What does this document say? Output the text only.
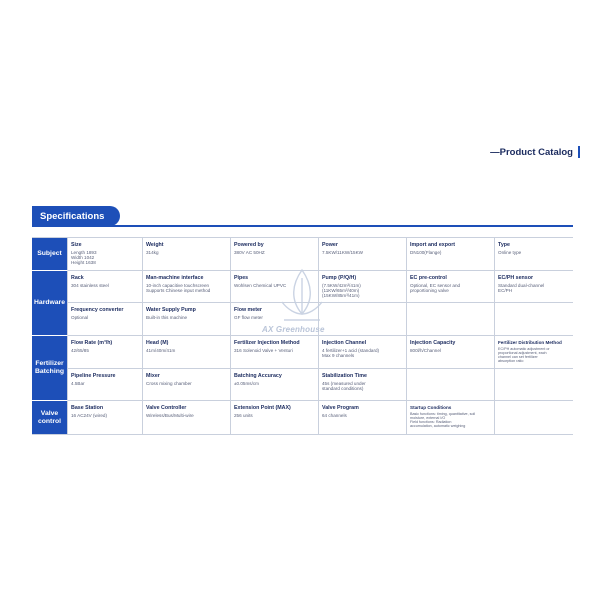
—Product Catalog
Specifications
Subject
Size
Length 1893
Width 1042
Height 1638
Weight
314kg
Powered by
380V AC 50HZ
Power
7.5KW/11KW/15KW
Import and export
DN100(Flange)
Type
Online type
Hardware
Rack
304 stainless steel
Man-machine interface
10-inch capacitive touchscreen
Supports Chinese input method
Pipes
Wohlsen Chemical UPVC
Pump (P/Q/H)
(7.5KW/42m³/41m)
(11KW/65m³/40m)
(15KW/85m³/41m)
EC pre-control
Optional, EC sensor and
proportioning valve
EC/PH sensor
Standard dual-channel
EC/PH
Frequency converter
Optional
Water Supply Pump
Built-in this machine
Flow meter
GF flow meter
Fertilizer Batching
Flow Rate (m³/h)
42/65/85
Head (M)
41m/40m/41m
Fertilizer Injection Method
316 Solenoid Valve + Venturi
Injection Channel
4 fertilizer+1 acid (standard)
Max 9 channels
Injection Capacity
800l/h/Channel
Fertilizer Distribution Method
EC/PH automatic adjustment or
proportional adjustment, each
channel can set fertilizer
absorption ratio
Pipeline Pressure
4.5Bar
Mixer
Cross mixing chamber
Batching Accuracy
±0.05ms/cm
Stabilization Time
45s (measured under
standard conditions)
Valve control
Base Station
16 AC24V (wired)
Valve Controller
Wireless/Bus/Multi-wire
Extension Point (MAX)
256 units
Valve Program
64 channels
Startup Conditions
Basic functions: timing, quantitative, soil
moisture, external I/O
Field functions: Radiation
accumulation, automatic weighing
AX Greenhouse
